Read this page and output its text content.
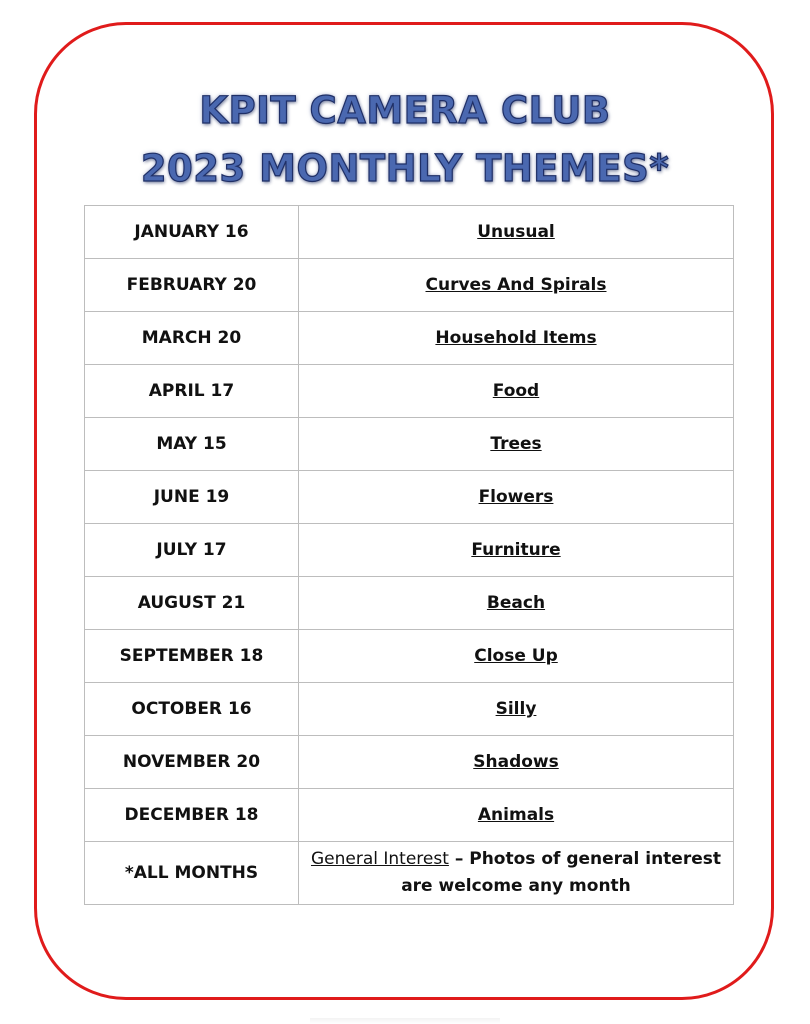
KPIT CAMERA CLUB
2023 MONTHLY THEMES*
JANUARY 16	Unusual
FEBRUARY 20	Curves And Spirals
MARCH 20	Household Items
APRIL 17	Food
MAY 15	Trees
JUNE 19	Flowers
JULY 17	Furniture
AUGUST 21	Beach
SEPTEMBER 18	Close Up
OCTOBER 16	Silly
NOVEMBER 20	Shadows
DECEMBER 18	Animals
*ALL MONTHS	General Interest – Photos of general interest
are welcome any month
